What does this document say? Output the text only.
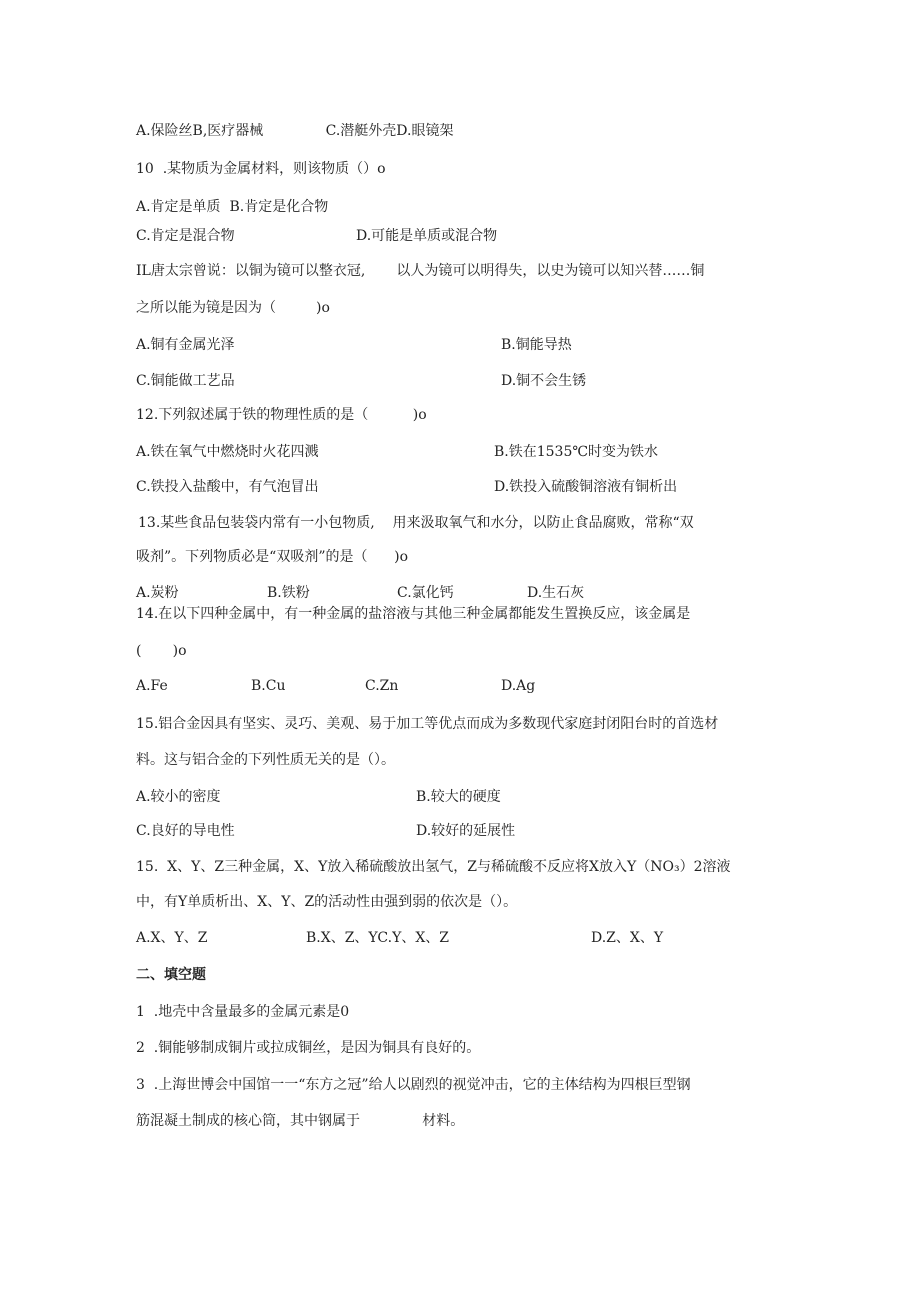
A.保险丝B,医疗器械              C.潜艇外壳D.眼镜架
10  .某物质为金属材料，则该物质（）o
A.肯定是单质  B.肯定是化合物
C.肯定是混合物	D.可能是单质或混合物
IL唐太宗曾说：以铜为镜可以整衣冠,       以人为镜可以明得失，以史为镜可以知兴替……铜
之所以能为镜是因为（         )o
A.铜有金属光泽	B.铜能导热
C.铜能做工艺品	D.铜不会生锈
12.下列叙述属于铁的物理性质的是（          )o
A.铁在氧气中燃烧时火花四溅	B.铁在1535℃时变为铁水
C.铁投入盐酸中，有气泡冒出	D.铁投入硫酸铜溶液有铜析出
13.某些食品包装袋内常有一小包物质,    用来汲取氧气和水分，以防止食品腐败，常称“双
吸剂”。下列物质必是“双吸剂”的是（      )o
A.炭粉	B.铁粉	C.氯化钙	D.生石灰
14.在以下四种金属中，有一种金属的盐溶液与其他三种金属都能发生置换反应，该金属是
(       )o
A.Fe	B.Cu	C.Zn	D.Ag
15.铝合金因具有坚实、灵巧、美观、易于加工等优点而成为多数现代家庭封闭阳台时的首选材
料。这与铝合金的下列性质无关的是（）。
A.较小的密度	B.较大的硬度
C.良好的导电性	D.较好的延展性
15.  X、Y、Z三种金属，X、Y放入稀硫酸放出氢气，Z与稀硫酸不反应将X放入Y（NO₃）2溶液
中，有Y单质析出、X、Y、Z的活动性由强到弱的依次是（）。
A.X、Y、Z	B.X、Z、YC.Y、X、Z	D.Z、X、Y
二、填空题
1  .地壳中含量最多的金属元素是0
2  .铜能够制成铜片或拉成铜丝，是因为铜具有良好的。
3  .上海世博会中国馆一一“东方之冠”给人以剧烈的视觉冲击，它的主体结构为四根巨型钢
筋混凝土制成的核心筒，其中钢属于              材料。
